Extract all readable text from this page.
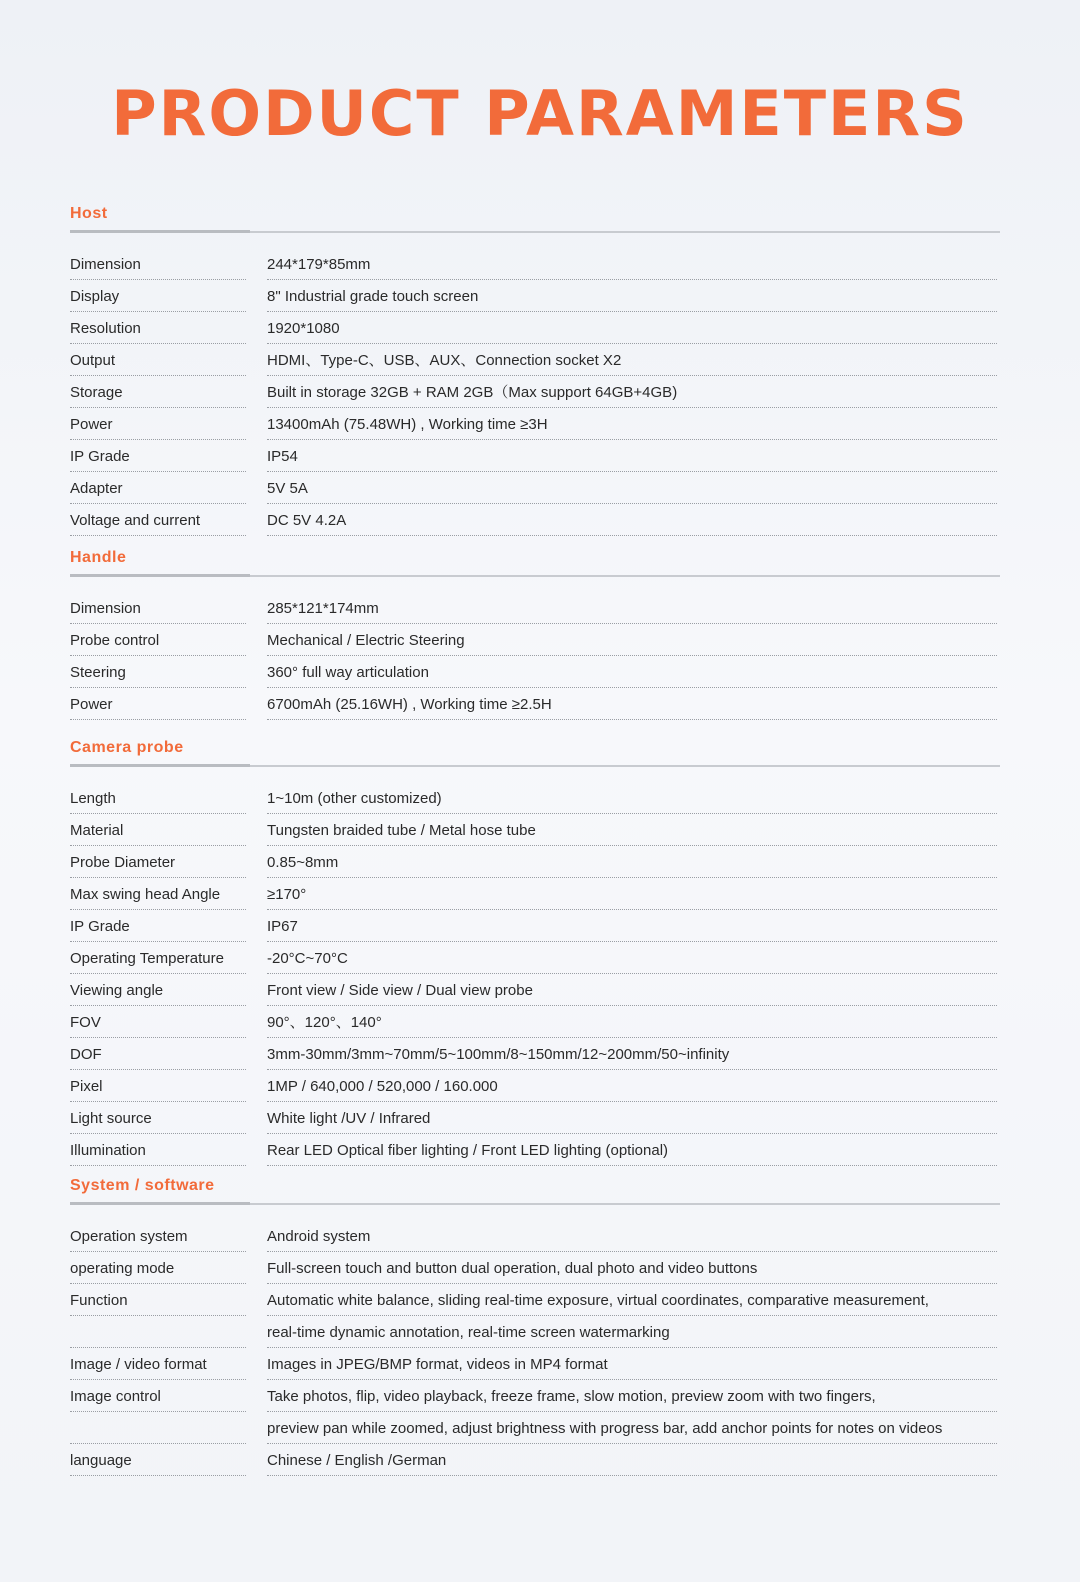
PRODUCT PARAMETERS
Host
Dimension	244*179*85mm
Display	8" Industrial grade touch screen
Resolution	1920*1080
Output	HDMI、Type-C、USB、AUX、Connection socket X2
Storage	Built in storage 32GB + RAM 2GB（Max support 64GB+4GB)
Power	13400mAh (75.48WH) , Working time ≥3H
IP Grade	IP54
Adapter	5V 5A
Voltage and current	DC 5V 4.2A
Handle
Dimension	285*121*174mm
Probe control	Mechanical / Electric Steering
Steering	360° full way articulation
Power	6700mAh (25.16WH) , Working time ≥2.5H
Camera probe
Length	1~10m (other customized)
Material	Tungsten braided tube / Metal hose tube
Probe Diameter	0.85~8mm
Max swing head Angle	≥170°
IP Grade	IP67
Operating Temperature	-20°C~70°C
Viewing angle	Front view / Side view / Dual view probe
FOV	90°、120°、140°
DOF	3mm-30mm/3mm~70mm/5~100mm/8~150mm/12~200mm/50~infinity
Pixel	1MP / 640,000 / 520,000 / 160.000
Light source	White light /UV / Infrared
Illumination	Rear LED Optical fiber lighting / Front LED lighting (optional)
System / software
Operation system	Android system
operating mode	Full-screen touch and button dual operation, dual photo and video buttons
Function	Automatic white balance, sliding real-time exposure, virtual coordinates, comparative measurement,
real-time dynamic annotation, real-time screen watermarking
Image / video format	Images in JPEG/BMP format, videos in MP4 format
Image control	Take photos, flip, video playback, freeze frame, slow motion, preview zoom with two fingers,
preview pan while zoomed, adjust brightness with progress bar, add anchor points for notes on videos
language	Chinese / English /German
